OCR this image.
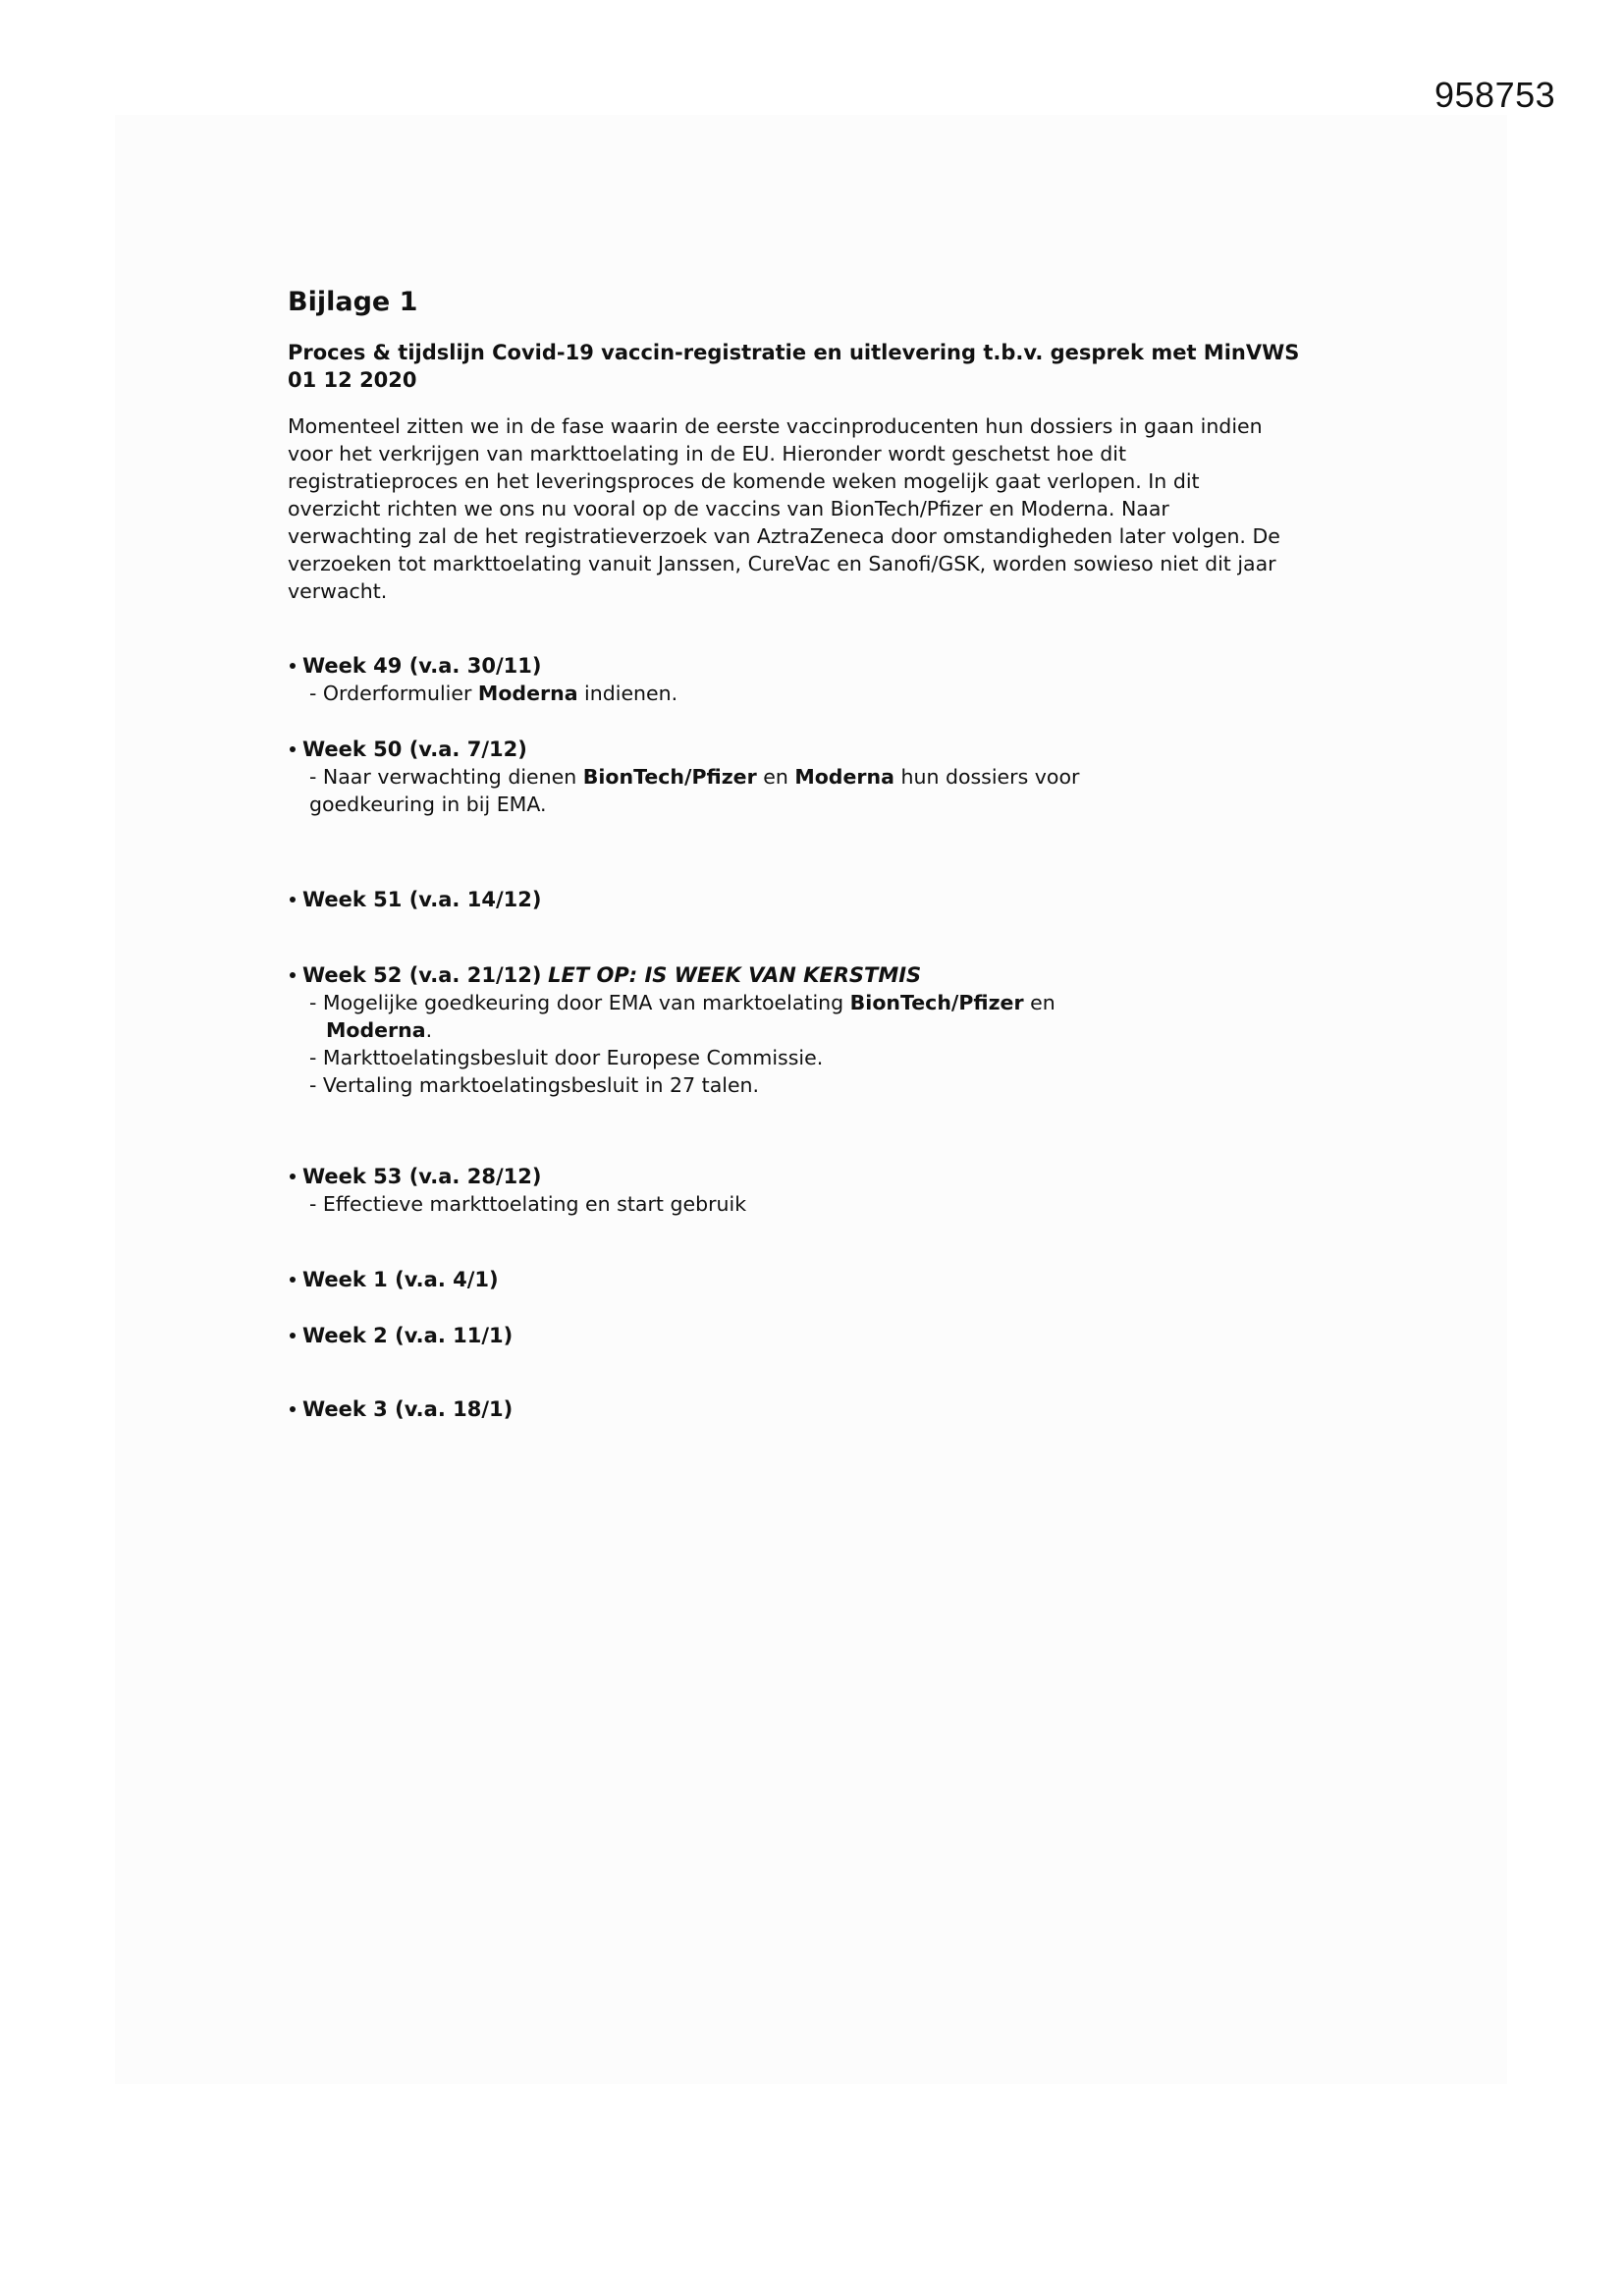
958753
Bijlage 1
Proces & tijdslijn Covid-19 vaccin-registratie en uitlevering t.b.v. gesprek met MinVWS
01 12 2020
Momenteel zitten we in de fase waarin de eerste vaccinproducenten hun dossiers in gaan indien
voor het verkrijgen van markttoelating in de EU. Hieronder wordt geschetst hoe dit
registratieproces en het leveringsproces de komende weken mogelijk gaat verlopen. In dit
overzicht richten we ons nu vooral op de vaccins van BionTech/Pfizer en Moderna. Naar
verwachting zal de het registratieverzoek van AztraZeneca door omstandigheden later volgen. De
verzoeken tot markttoelating vanuit Janssen, CureVac en Sanofi/GSK, worden sowieso niet dit jaar
verwacht.
Week 49 (v.a. 30/11)
- Orderformulier Moderna indienen.
Week 50 (v.a. 7/12)
- Naar verwachting dienen BionTech/Pfizer en Moderna hun dossiers voor
goedkeuring in bij EMA.
Week 51 (v.a. 14/12)
Week 52 (v.a. 21/12) LET OP: IS WEEK VAN KERSTMIS
- Mogelijke goedkeuring door EMA van marktoelating BionTech/Pfizer en
Moderna.
- Markttoelatingsbesluit door Europese Commissie.
- Vertaling marktoelatingsbesluit in 27 talen.
Week 53 (v.a. 28/12)
- Effectieve markttoelating en start gebruik
Week 1 (v.a. 4/1)
Week 2 (v.a. 11/1)
Week 3 (v.a. 18/1)
